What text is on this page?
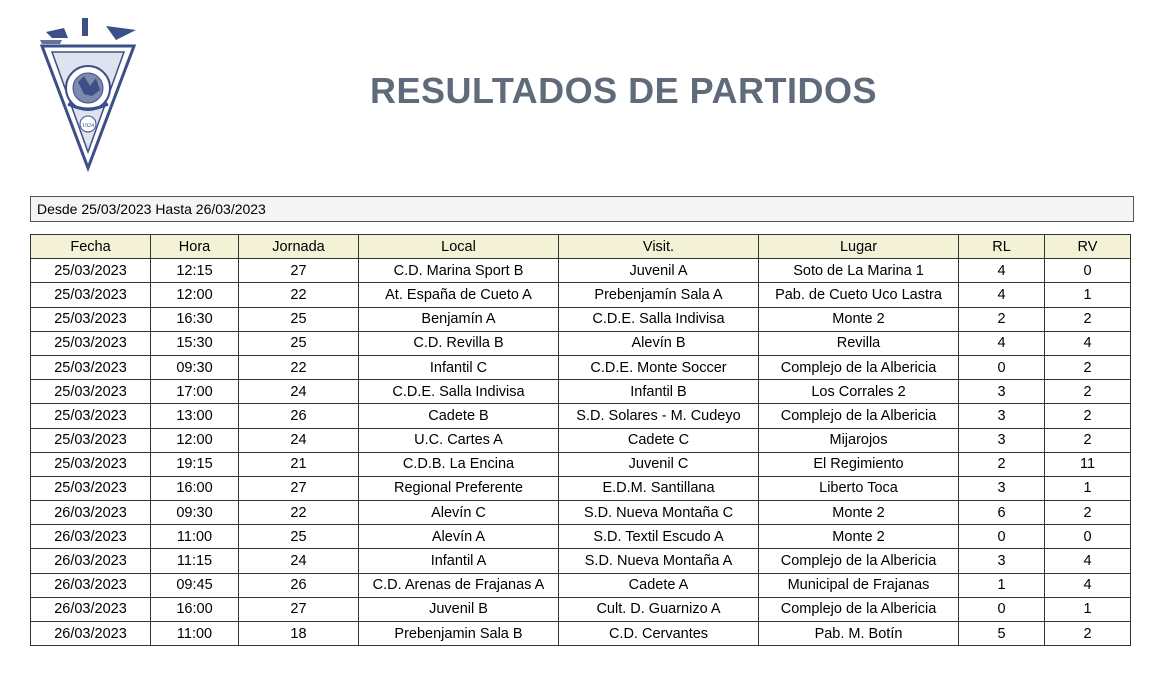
1924
RESULTADOS DE PARTIDOS
Desde 25/03/2023 Hasta 26/03/2023
Fecha	Hora	Jornada	Local	Visit.	Lugar	RL	RV
25/03/2023	12:15	27	C.D. Marina Sport B	Juvenil A	Soto de La Marina 1	4	0
25/03/2023	12:00	22	At. España de Cueto A	Prebenjamín Sala A	Pab. de Cueto Uco Lastra	4	1
25/03/2023	16:30	25	Benjamín A	C.D.E. Salla Indivisa	Monte 2	2	2
25/03/2023	15:30	25	C.D. Revilla B	Alevín B	Revilla	4	4
25/03/2023	09:30	22	Infantil C	C.D.E. Monte Soccer	Complejo de la Albericia	0	2
25/03/2023	17:00	24	C.D.E. Salla Indivisa	Infantil B	Los Corrales 2	3	2
25/03/2023	13:00	26	Cadete B	S.D. Solares - M. Cudeyo	Complejo de la Albericia	3	2
25/03/2023	12:00	24	U.C. Cartes A	Cadete C	Mijarojos	3	2
25/03/2023	19:15	21	C.D.B. La Encina	Juvenil C	El Regimiento	2	11
25/03/2023	16:00	27	Regional Preferente	E.D.M. Santillana	Liberto Toca	3	1
26/03/2023	09:30	22	Alevín C	S.D. Nueva Montaña C	Monte 2	6	2
26/03/2023	11:00	25	Alevín A	S.D. Textil Escudo A	Monte 2	0	0
26/03/2023	11:15	24	Infantil A	S.D. Nueva Montaña A	Complejo de la Albericia	3	4
26/03/2023	09:45	26	C.D. Arenas de Frajanas A	Cadete A	Municipal de Frajanas	1	4
26/03/2023	16:00	27	Juvenil B	Cult. D. Guarnizo A	Complejo de la Albericia	0	1
26/03/2023	11:00	18	Prebenjamin Sala B	C.D. Cervantes	Pab. M. Botín	5	2
